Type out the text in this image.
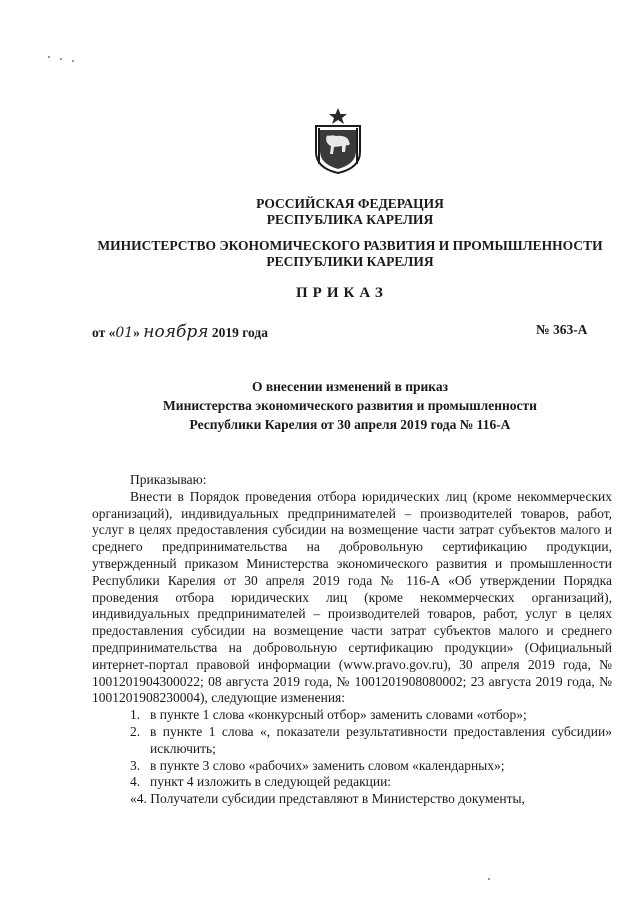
РОССИЙСКАЯ ФЕДЕРАЦИЯ
РЕСПУБЛИКА КАРЕЛИЯ
МИНИСТЕРСТВО ЭКОНОМИЧЕСКОГО РАЗВИТИЯ И ПРОМЫШЛЕННОСТИ
РЕСПУБЛИКИ КАРЕЛИЯ
ПРИКАЗ
от «01» ноября 2019 года	№ 363-А
О внесении изменений в приказ
Министерства экономического развития и промышленности
Республики Карелия от 30 апреля 2019 года № 116-А

Приказываю:

Внести в Порядок проведения отбора юридических лиц (кроме некоммерческих организаций), индивидуальных предпринимателей – производителей товаров, работ, услуг в целях предоставления субсидии на возмещение части затрат субъектов малого и среднего предпринимательства на добровольную сертификацию продукции, утвержденный приказом Министерства экономического развития и промышленности Республики Карелия от 30 апреля 2019 года № 116-А «Об утверждении Порядка проведения отбора юридических лиц (кроме некоммерческих организаций), индивидуальных предпринимателей – производителей товаров, работ, услуг в целях предоставления субсидии на возмещение части затрат субъектов малого и среднего предпринимательства на добровольную сертификацию продукции» (Официальный интернет-портал правовой информации (www.pravo.gov.ru), 30 апреля 2019 года, № 1001201904300022; 08 августа 2019 года, № 1001201908080002; 23 августа 2019 года, № 1001201908230004), следующие изменения:

1. в пункте 1 слова «конкурсный отбор» заменить словами «отбор»;
2. в пункте 1 слова «, показатели результативности предоставления субсидии» исключить;
3. в пункте 3 слово «рабочих» заменить словом «календарных»;
4. пункт 4 изложить в следующей редакции:

«4. Получатели субсидии представляют в Министерство документы,
